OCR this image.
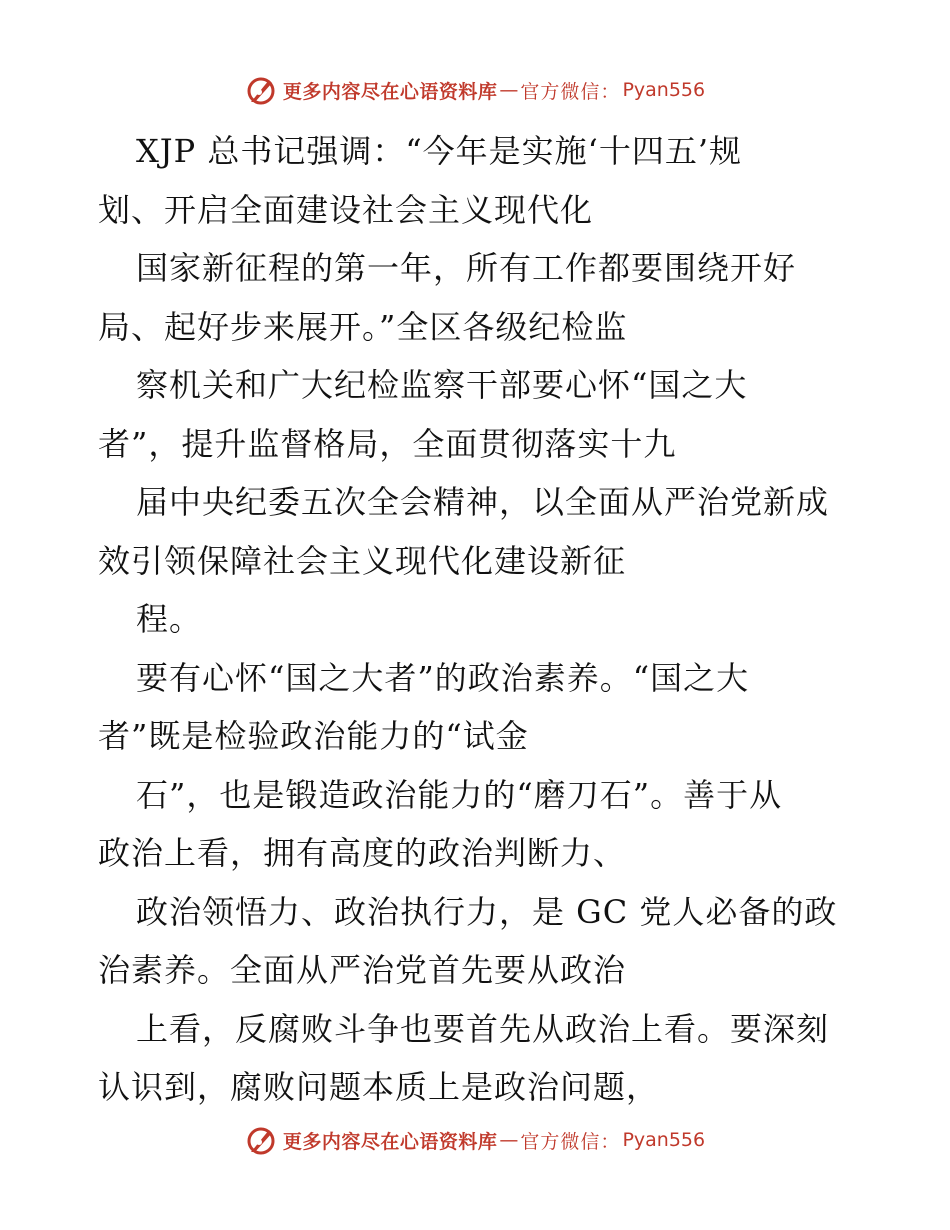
更多内容尽在心语资料库 — 官方微信： Pyan556
XJP 总书记强调：“今年是实施‘十四五’规
划、开启全面建设社会主义现代化
国家新征程的第一年，所有工作都要围绕开好
局、起好步来展开。”全区各级纪检监
察机关和广大纪检监察干部要心怀“国之大
者”，提升监督格局，全面贯彻落实十九
届中央纪委五次全会精神，以全面从严治党新成
效引领保障社会主义现代化建设新征
程。
要有心怀“国之大者”的政治素养。“国之大
者”既是检验政治能力的“试金
石”，也是锻造政治能力的“磨刀石”。善于从
政治上看，拥有高度的政治判断力、
政治领悟力、政治执行力，是 GC 党人必备的政
治素养。全面从严治党首先要从政治
上看，反腐败斗争也要首先从政治上看。要深刻
认识到，腐败问题本质上是政治问题，
更多内容尽在心语资料库 — 官方微信： Pyan556
